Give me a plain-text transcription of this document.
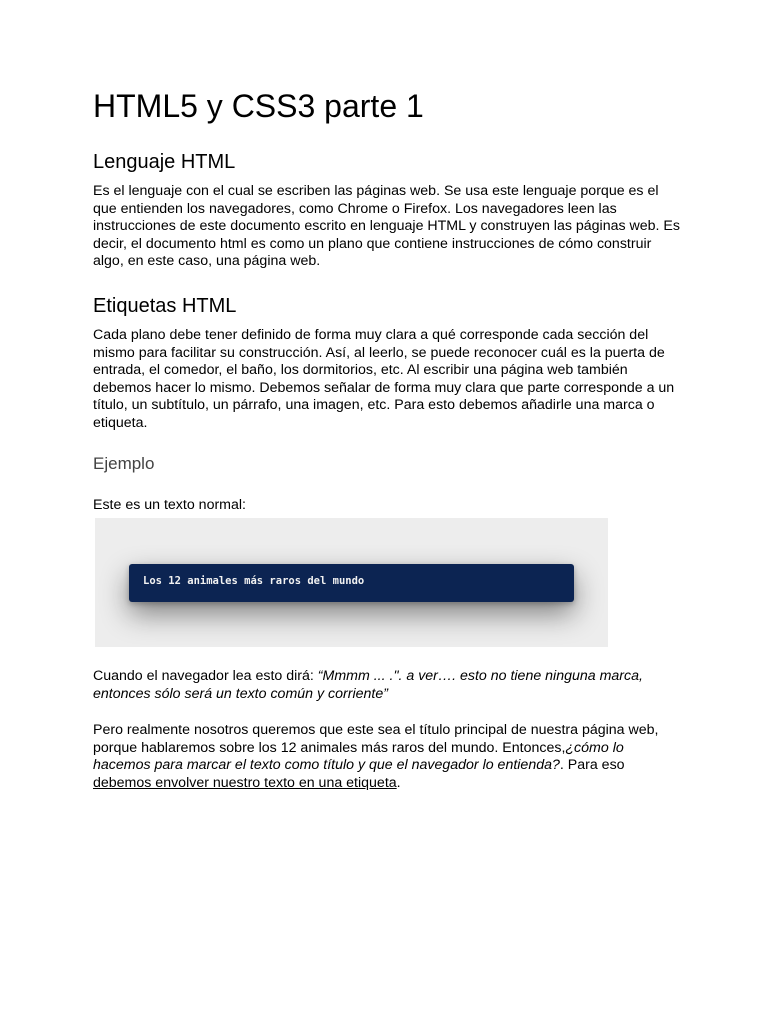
HTML5 y CSS3 parte 1
Lenguaje HTML

Es el lenguaje con el cual se escriben las páginas web. Se usa este lenguaje porque es el que entienden los navegadores, como Chrome o Firefox. Los navegadores leen las instrucciones de este documento escrito en lenguaje HTML y construyen las páginas web. Es decir, el documento html es como un plano que contiene instrucciones de cómo construir algo, en este caso, una página web.

Etiquetas HTML

Cada plano debe tener definido de forma muy clara a qué corresponde cada sección del mismo para facilitar su construcción. Así, al leerlo, se puede reconocer cuál es la puerta de entrada, el comedor, el baño, los dormitorios, etc. Al escribir una página web también debemos hacer lo mismo. Debemos señalar de forma muy clara que parte corresponde a un título, un subtítulo, un párrafo, una imagen, etc. Para esto debemos añadirle una marca o etiqueta.

Ejemplo

Este es un texto normal:

Los 12 animales más raros del mundo

Cuando el navegador lea esto dirá: “Mmmm ... .". a ver…. esto no tiene ninguna marca, entonces sólo será un texto común y corriente”

Pero realmente nosotros queremos que este sea el título principal de nuestra página web, porque hablaremos sobre los 12 animales más raros del mundo. Entonces,¿cómo lo hacemos para marcar el texto como título y que el navegador lo entienda?. Para eso debemos envolver nuestro texto en una etiqueta.
